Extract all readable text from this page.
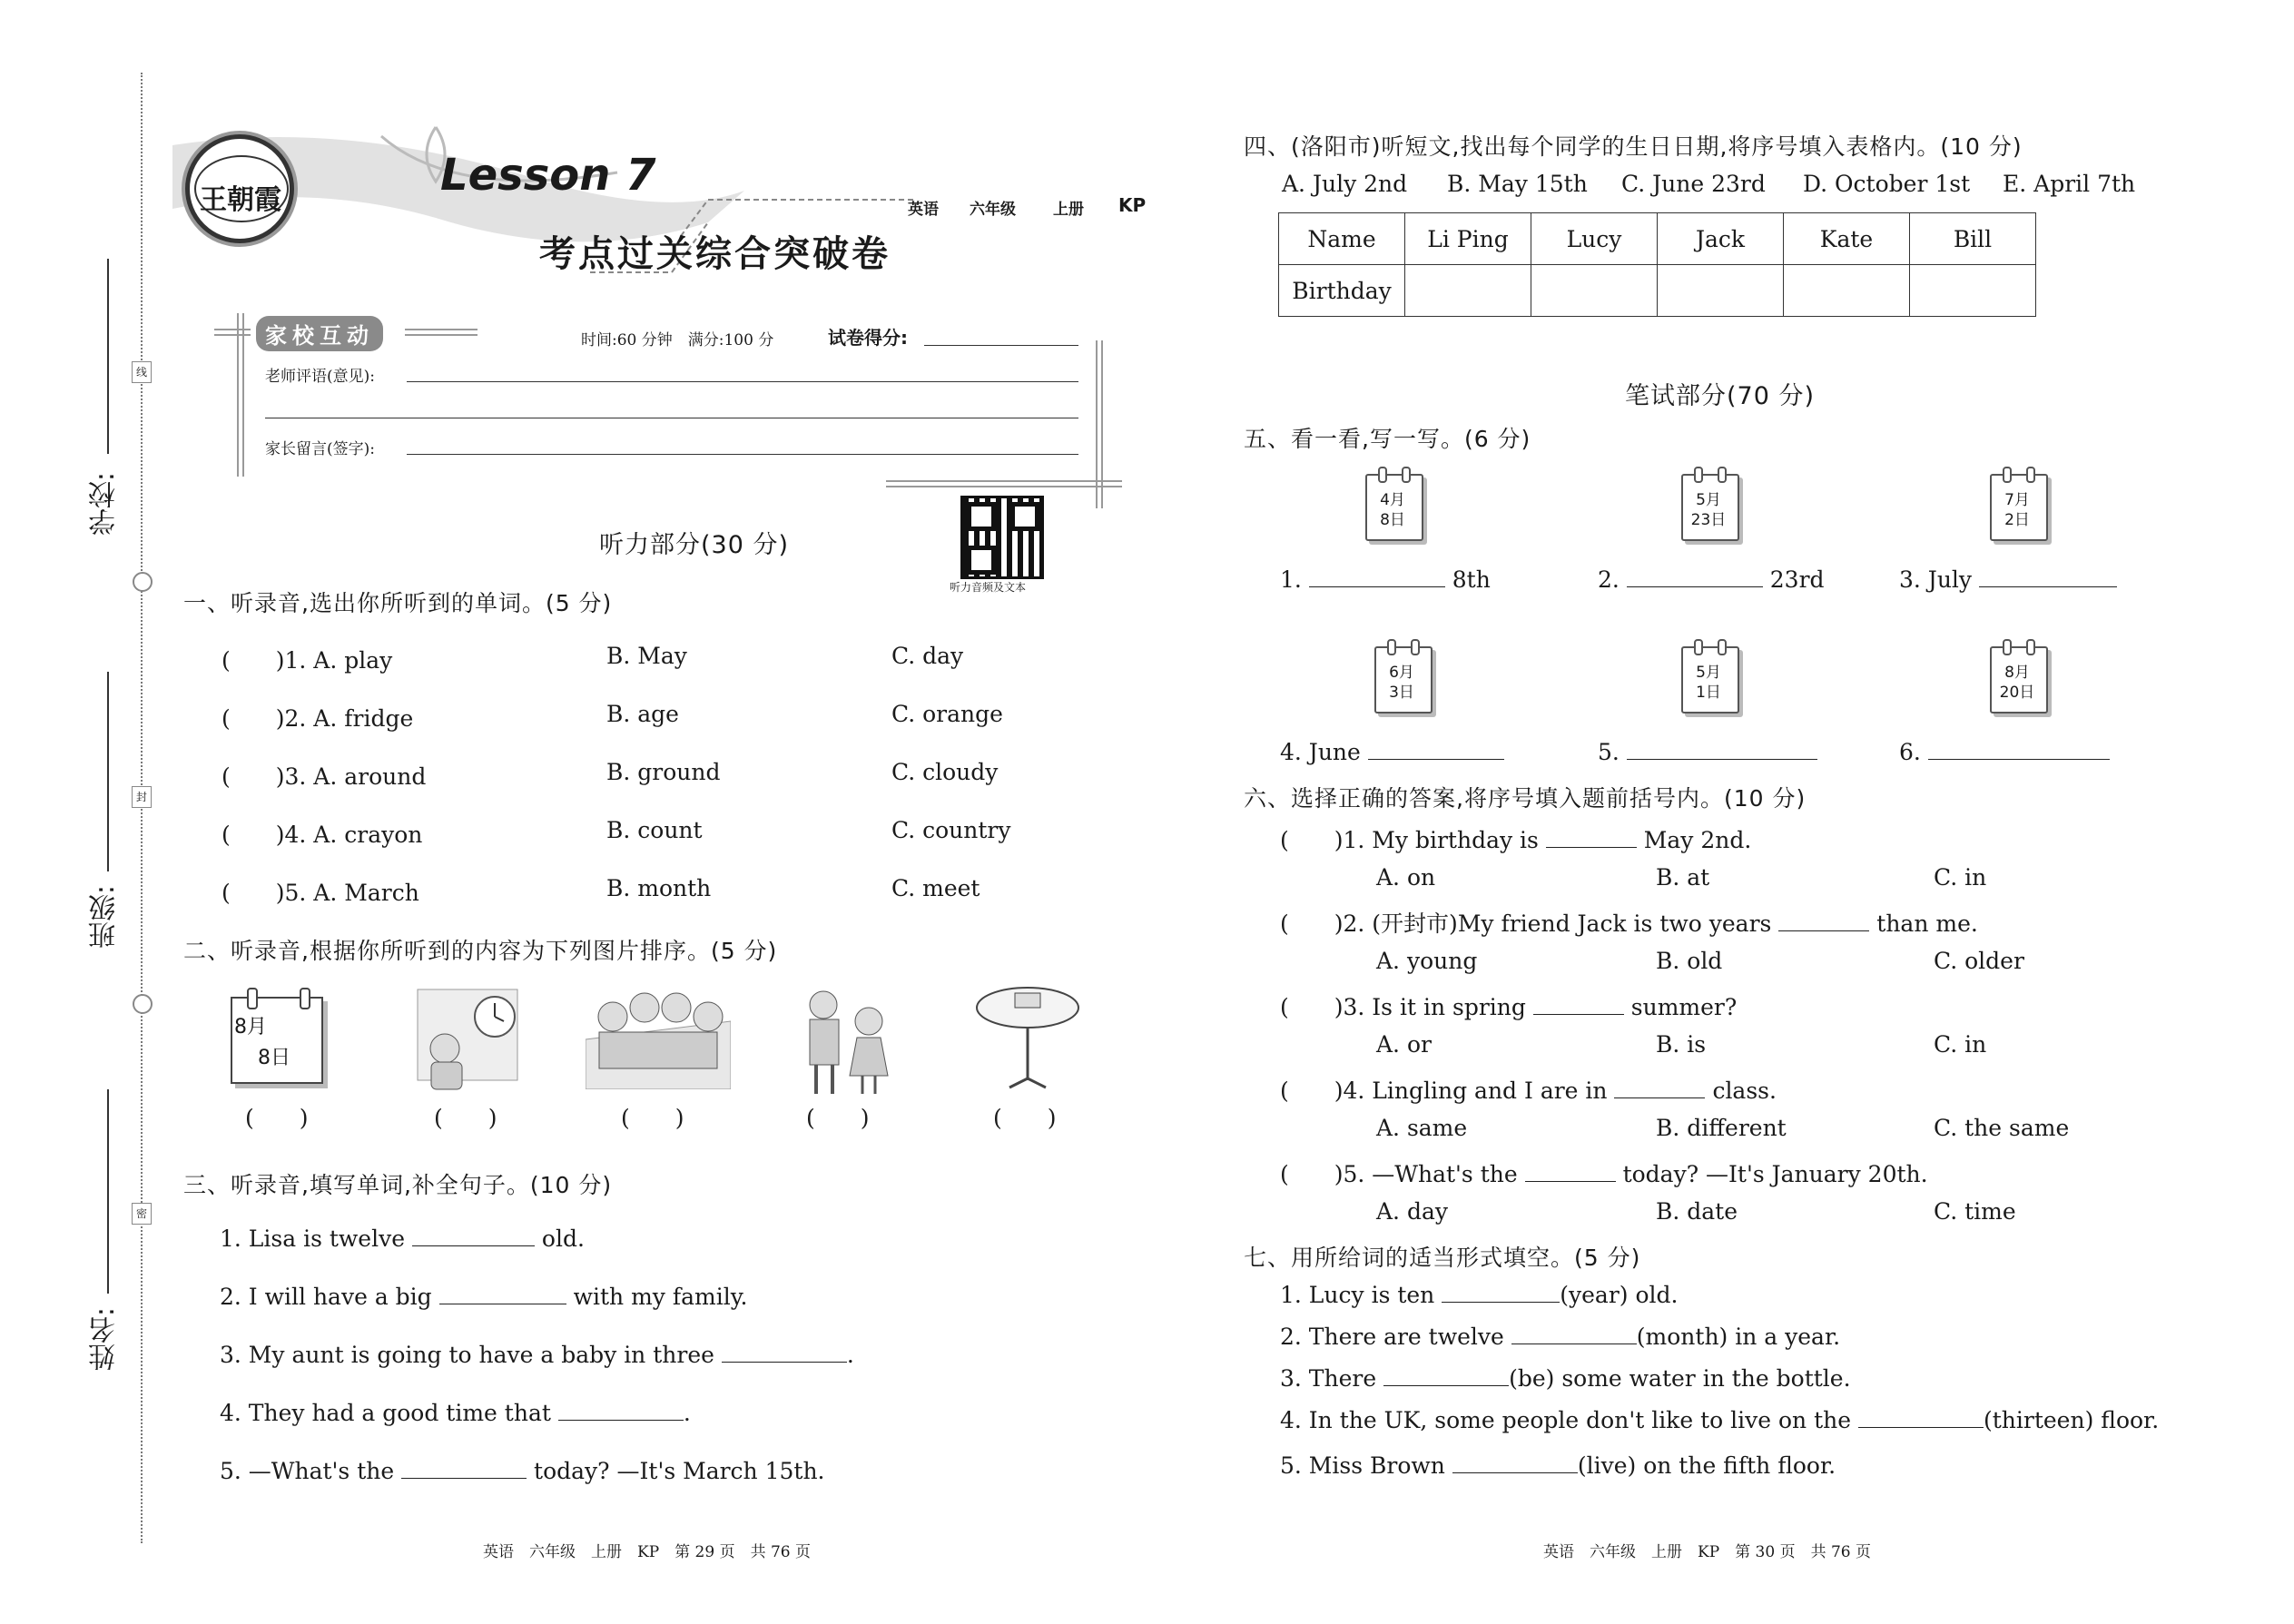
学校:
班级:
姓名:
线
封
密
王朝霞	Lesson 7
考点过关综合突破卷
英语 六年级 上册 KP
家校互动	时间:60 分钟　满分:100 分	试卷得分:
老师评语(意见):
家长留言(签字):
听力音频及文本
听力部分(30 分)
一、听录音,选出你所听到的单词。(5 分)
(　　)1. A. play	B. May	C. day
(　　)2. A. fridge	B. age	C. orange
(　　)3. A. around	B. ground	C. cloudy
(　　)4. A. crayon	B. count	C. country
(　　)5. A. March	B. month	C. meet
二、听录音,根据你所听到的内容为下列图片排序。(5 分)
8月
8日
(　　)	(　　)	(　　)	(　　)	(　　)
三、听录音,填写单词,补全句子。(10 分)
1. Lisa is twelve	old.
2. I will have a big	with my family.
3. My aunt is going to have a baby in three	.
4. They had a good time that	.
5. —What's the	today? —It's March 15th.
英语　六年级　上册　KP　第 29 页　共 76 页
四、(洛阳市)听短文,找出每个同学的生日日期,将序号填入表格内。(10 分)
A. July 2nd B. May 15th C. June 23rd D. October 1st E. April 7th
Name	Li Ping	Lucy	Jack	Kate	Bill
Birthday					
笔试部分(70 分)
五、看一看,写一写。(6 分)
4月
8日
5月
23日
7月
2日
1.	8th	2.	23rd	3. July
6月
3日
5月
1日
8月
20日
4. June	5.	6.
六、选择正确的答案,将序号填入题前括号内。(10 分)
(　　)1. My birthday is	May 2nd.
A. on	B. at	C. in
(　　)2. (开封市)My friend Jack is two years	than me.
A. young	B. old	C. older
(　　)3. Is it in spring	summer?
A. or	B. is	C. in
(　　)4. Lingling and I are in	class.
A. same	B. different	C. the same
(　　)5. —What's the	today? —It's January 20th.
A. day	B. date	C. time
七、用所给词的适当形式填空。(5 分)
1. Lucy is ten	(year) old.
2. There are twelve	(month) in a year.
3. There	(be) some water in the bottle.
4. In the UK, some people don't like to live on the	(thirteen) floor.
5. Miss Brown	(live) on the fifth floor.
英语　六年级　上册　KP　第 30 页　共 76 页
